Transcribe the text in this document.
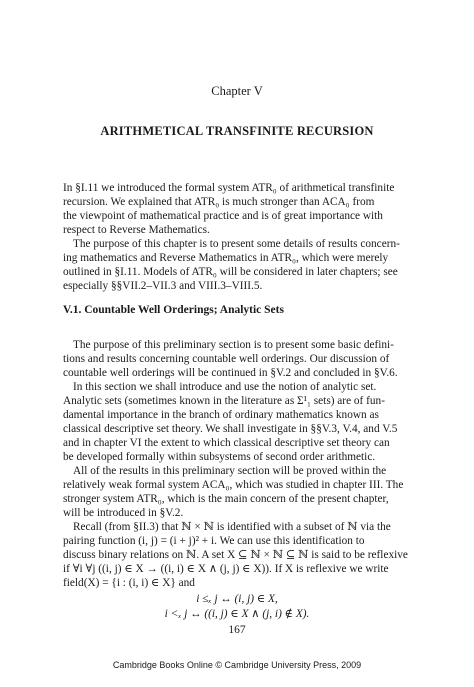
Chapter V
ARITHMETICAL TRANSFINITE RECURSION
In §I.11 we introduced the formal system ATR₀ of arithmetical transfinite
recursion. We explained that ATR₀ is much stronger than ACA₀ from
the viewpoint of mathematical practice and is of great importance with
respect to Reverse Mathematics.
The purpose of this chapter is to present some details of results concern-
ing mathematics and Reverse Mathematics in ATR₀, which were merely
outlined in §I.11. Models of ATR₀ will be considered in later chapters; see
especially §§VII.2–VII.3 and VIII.3–VIII.5.
V.1. Countable Well Orderings; Analytic Sets
The purpose of this preliminary section is to present some basic defini-
tions and results concerning countable well orderings. Our discussion of
countable well orderings will be continued in §V.2 and concluded in §V.6.
In this section we shall introduce and use the notion of analytic set.
Analytic sets (sometimes known in the literature as Σ¹₁ sets) are of fun-
damental importance in the branch of ordinary mathematics known as
classical descriptive set theory. We shall investigate in §§V.3, V.4, and V.5
and in chapter VI the extent to which classical descriptive set theory can
be developed formally within subsystems of second order arithmetic.
All of the results in this preliminary section will be proved within the
relatively weak formal system ACA₀, which was studied in chapter III. The
stronger system ATR₀, which is the main concern of the present chapter,
will be introduced in §V.2.
Recall (from §II.3) that ℕ × ℕ is identified with a subset of ℕ via the
pairing function (i, j) = (i + j)² + i. We can use this identification to
discuss binary relations on ℕ. A set X ⊆ ℕ × ℕ ⊆ ℕ is said to be reflexive
if ∀i ∀j ((i, j) ∈ X → ((i, i) ∈ X ∧ (j, j) ∈ X)). If X is reflexive we write
field(X) = {i : (i, i) ∈ X} and
i ≤ₓ j ↔ (i, j) ∈ X,
i <ₓ j ↔ ((i, j) ∈ X ∧ (j, i) ∉ X).
167
Cambridge Books Online © Cambridge University Press, 2009
